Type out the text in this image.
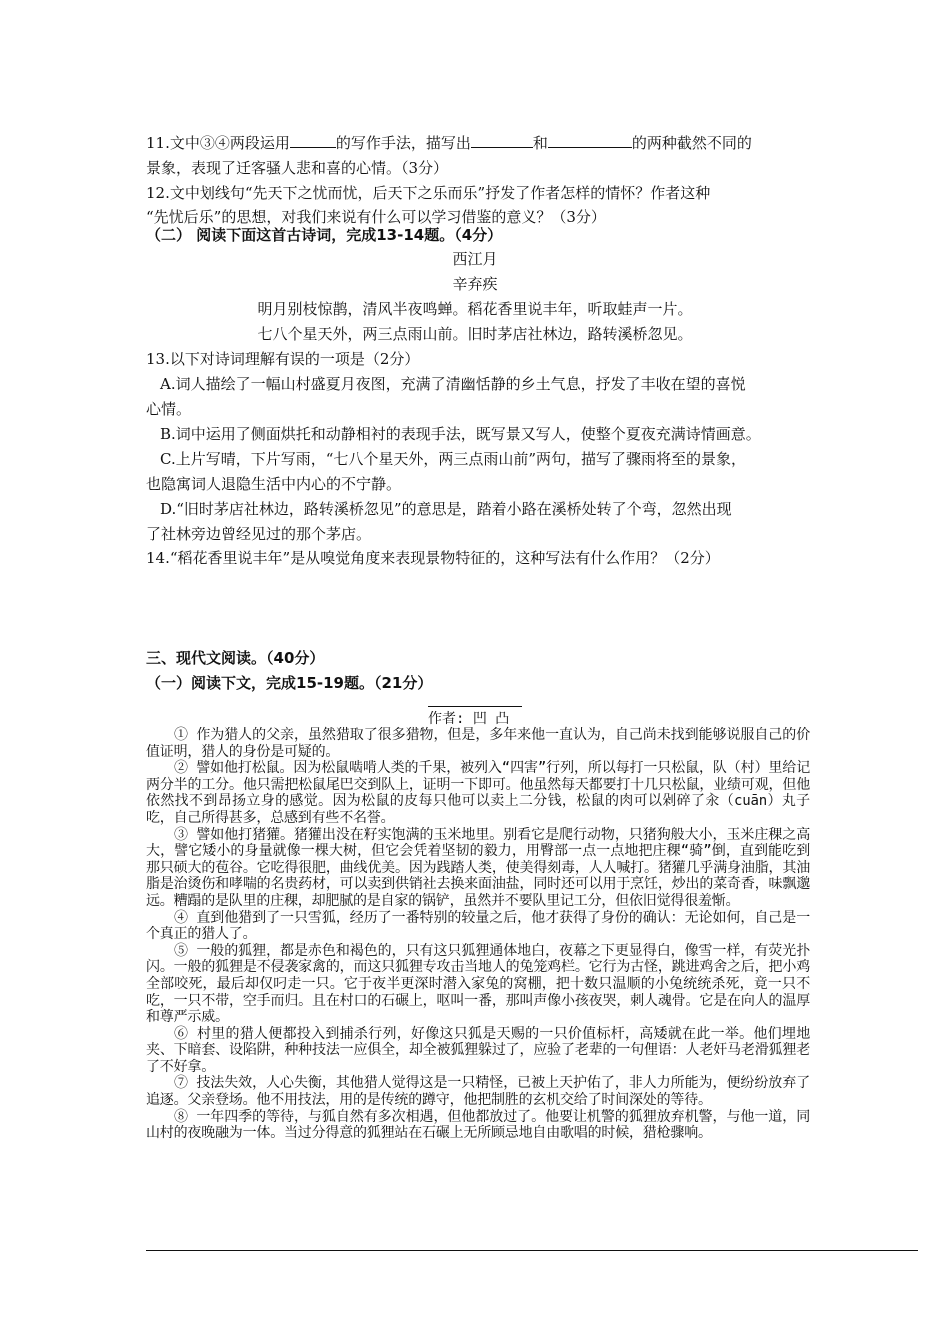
11.文中③④两段运用	的写作手法，描写出	和	的两种截然不同的
景象，表现了迁客骚人悲和喜的心情。（3分）
12.文中划线句“先天下之忧而忧，后天下之乐而乐”抒发了作者怎样的情怀？作者这种
“先忧后乐”的思想，对我们来说有什么可以学习借鉴的意义？（3分）
（二） 阅读下面这首古诗词，完成13-14题。（4分）
西江月
辛弃疾
明月别枝惊鹊，清风半夜鸣蝉。稻花香里说丰年，听取蛙声一片。
七八个星天外，两三点雨山前。旧时茅店社林边，路转溪桥忽见。
13.以下对诗词理解有误的一项是（2分）
A.词人描绘了一幅山村盛夏月夜图，充满了清幽恬静的乡土气息，抒发了丰收在望的喜悦
心情。
B.词中运用了侧面烘托和动静相衬的表现手法，既写景又写人，使整个夏夜充满诗情画意。
C.上片写晴，下片写雨，“七八个星天外，两三点雨山前”两句，描写了骤雨将至的景象，
也隐寓词人退隐生活中内心的不宁静。
D.“旧时茅店社林边，路转溪桥忽见”的意思是，踏着小路在溪桥处转了个弯，忽然出现
了社林旁边曾经见过的那个茅店。
14.“稻花香里说丰年”是从嗅觉角度来表现景物特征的，这种写法有什么作用？（2分）
三、现代文阅读。（40分）
（一）阅读下文，完成15-19题。（21分）
作者: 凹 凸

① 作为猎人的父亲，虽然猎取了很多猎物，但是，多年来他一直认为，自己尚未找到能够说服自己的价值证明，猎人的身份是可疑的。

② 譬如他打松鼠。因为松鼠啮啃人类的千果，被列入“四害”行列，所以每打一只松鼠，队（村）里给记两分半的工分。他只需把松鼠尾巴交到队上，证明一下即可。他虽然每天都要打十几只松鼠，业绩可观，但他依然找不到昂扬立身的感觉。因为松鼠的皮每只他可以卖上二分钱，松鼠的肉可以剁碎了汆（cuān）丸子吃，自己所得甚多，总感到有些不名誉。

③ 譬如他打猪獾。猪獾出没在籽实饱满的玉米地里。别看它是爬行动物，只猪狗般大小，玉米庄稞之高大，譬它矮小的身量就像一棵大树，但它会凭着坚韧的毅力，用臀部一点一点地把庄稞“骑”倒，直到能吃到那只硕大的苞谷。它吃得很肥，曲线优美。因为践踏人类，使美得刻毒，人人喊打。猪獾几乎满身油脂，其油脂是治烫伤和哮喘的名贵药材，可以卖到供销社去换来面油盐，同时还可以用于烹饪，炒出的菜奇香，味飘邈远。糟蹋的是队里的庄稞，却肥腻的是自家的锅铲，虽然并不要队里记工分，但依旧觉得很羞惭。

④ 直到他猎到了一只雪狐，经历了一番特别的较量之后，他才获得了身份的确认：无论如何，自己是一个真正的猎人了。

⑤ 一般的狐狸，都是赤色和褐色的，只有这只狐狸通体地白，夜幕之下更显得白，像雪一样，有荧光扑闪。一般的狐狸是不侵袭家禽的，而这只狐狸专攻击当地人的兔笼鸡栏。它行为古怪，跳进鸡舍之后，把小鸡全部咬死，最后却仅叼走一只。它于夜半更深时潜入家兔的窝棚，把十数只温顺的小兔统统杀死，竟一只不吃，一只不带，空手而归。且在村口的石碾上，呕叫一番，那叫声像小孩夜哭，刺人魂骨。它是在向人的温厚和尊严示威。

⑥ 村里的猎人便都投入到捕杀行列，好像这只狐是天赐的一只价值标杆，高矮就在此一举。他们埋地夹、下暗套、设陷阱，种种技法一应俱全，却全被狐狸躲过了，应验了老辈的一句俚语：人老奸马老滑狐狸老了不好拿。

⑦ 技法失效，人心失衡，其他猎人觉得这是一只精怪，已被上天护佑了，非人力所能为，便纷纷放弃了追逐。父亲登场。他不用技法，用的是传统的蹲守，他把制胜的玄机交给了时间深处的等待。

⑧ 一年四季的等待，与狐自然有多次相遇，但他都放过了。他要让机警的狐狸放弃机警，与他一道，同山村的夜晚融为一体。当过分得意的狐狸站在石碾上无所顾忌地自由歌唱的时候，猎枪骤响。
